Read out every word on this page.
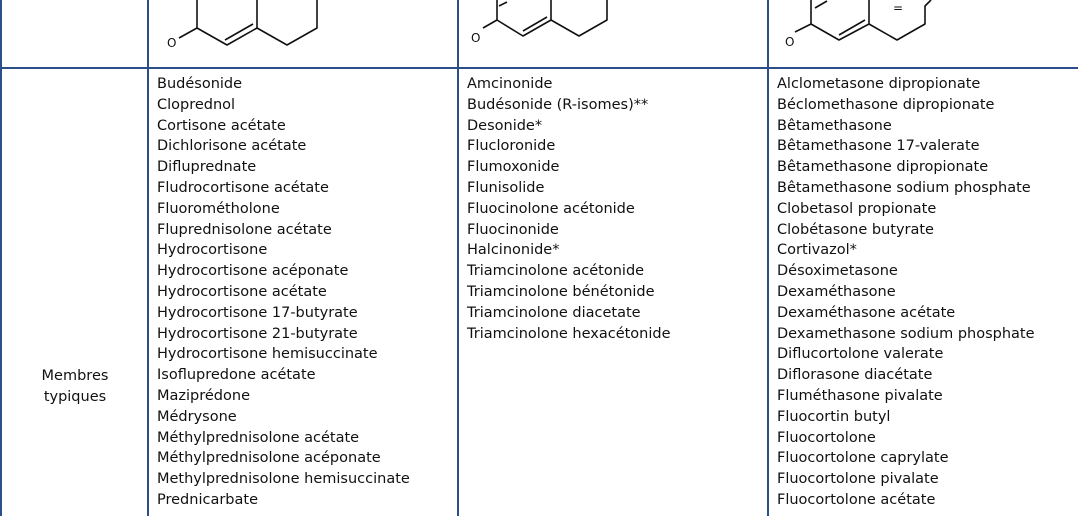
O	O
=
O
Membres
typiques
Budésonide
Cloprednol
Cortisone acétate
Dichlorisone acétate
Difluprednate
Fludrocortisone acétate
Fluorométholone
Fluprednisolone acétate
Hydrocortisone
Hydrocortisone acéponate
Hydrocortisone acétate
Hydrocortisone 17-butyrate
Hydrocortisone 21-butyrate
Hydrocortisone hemisuccinate
Isoflupredone acétate
Maziprédone
Médrysone
Méthylprednisolone acétate
Méthylprednisolone acéponate
Methylprednisolone hemisuccinate
Prednicarbate
Amcinonide
Budésonide (R-isomes)**
Desonide*
Flucloronide
Flumoxonide
Flunisolide
Fluocinolone acétonide
Fluocinonide
Halcinonide*
Triamcinolone acétonide
Triamcinolone bénétonide
Triamcinolone diacetate
Triamcinolone hexacétonide
Alclometasone dipropionate
Béclomethasone dipropionate
Bêtamethasone
Bêtamethasone 17-valerate
Bêtamethasone dipropionate
Bêtamethasone sodium phosphate
Clobetasol propionate
Clobétasone butyrate
Cortivazol*
Désoximetasone
Dexaméthasone
Dexaméthasone acétate
Dexamethasone sodium phosphate
Diflucortolone valerate
Diflorasone diacétate
Fluméthasone pivalate
Fluocortin butyl
Fluocortolone
Fluocortolone caprylate
Fluocortolone pivalate
Fluocortolone acétate
